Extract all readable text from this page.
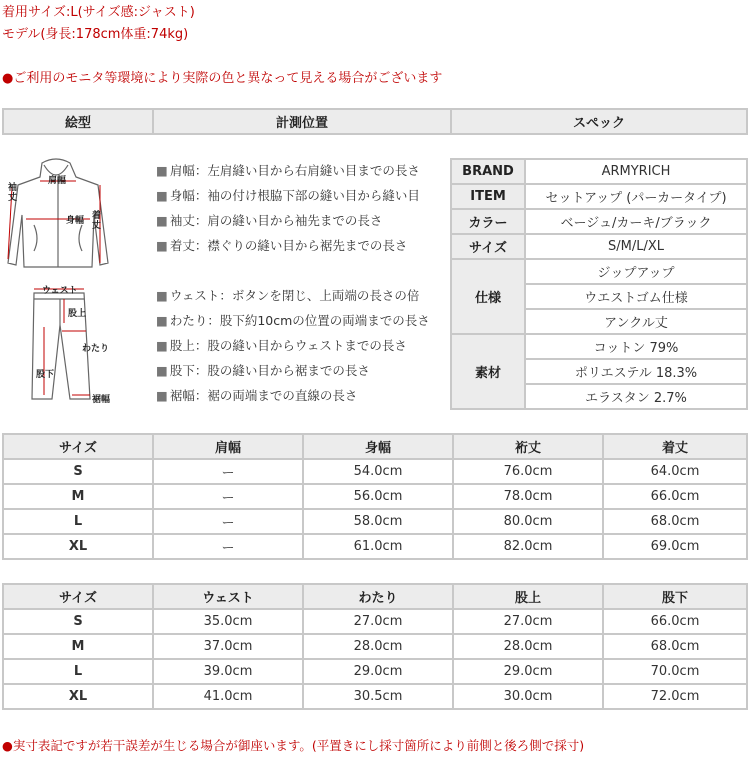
着用サイズ:L(サイズ感:ジャスト)
モデル(身長:178cm体重:74kg)
●ご利用のモニタ等環境により実際の色と異なって見える場合がございます
絵型	計測位置	スペック
肩幅
身幅
袖丈
着丈
ウェスト
股上
わたり
股下
裾幅
■ 肩幅：左肩縫い目から右肩縫い目までの長さ
■ 身幅：袖の付け根脇下部の縫い目から縫い目
■ 袖丈：肩の縫い目から袖先までの長さ
■ 着丈：襟ぐりの縫い目から裾先までの長さ
■ ウェスト：ボタンを閉じ、上両端の長さの倍
■ わたり：股下約10cmの位置の両端までの長さ
■ 股上：股の縫い目からウェストまでの長さ
■ 股下：股の縫い目から裾までの長さ
■ 裾幅：裾の両端までの直線の長さ
BRAND	ARMYRICH
ITEM	セットアップ (パーカータイプ)
カラー	ベージュ/カーキ/ブラック
サイズ	S/M/L/XL
仕様	ジップアップ
	ウエストゴム仕様
	アンクル丈
素材	コットン 79%
	ポリエステル 18.3%
	エラスタン 2.7%
サイズ	肩幅	身幅	裄丈	着丈
S	ー	54.0cm	76.0cm	64.0cm
M	ー	56.0cm	78.0cm	66.0cm
L	ー	58.0cm	80.0cm	68.0cm
XL	ー	61.0cm	82.0cm	69.0cm
サイズ	ウェスト	わたり	股上	股下
S	35.0cm	27.0cm	27.0cm	66.0cm
M	37.0cm	28.0cm	28.0cm	68.0cm
L	39.0cm	29.0cm	29.0cm	70.0cm
XL	41.0cm	30.5cm	30.0cm	72.0cm
●実寸表記ですが若干誤差が生じる場合が御座います。(平置きにし採寸箇所により前側と後ろ側で採寸)
